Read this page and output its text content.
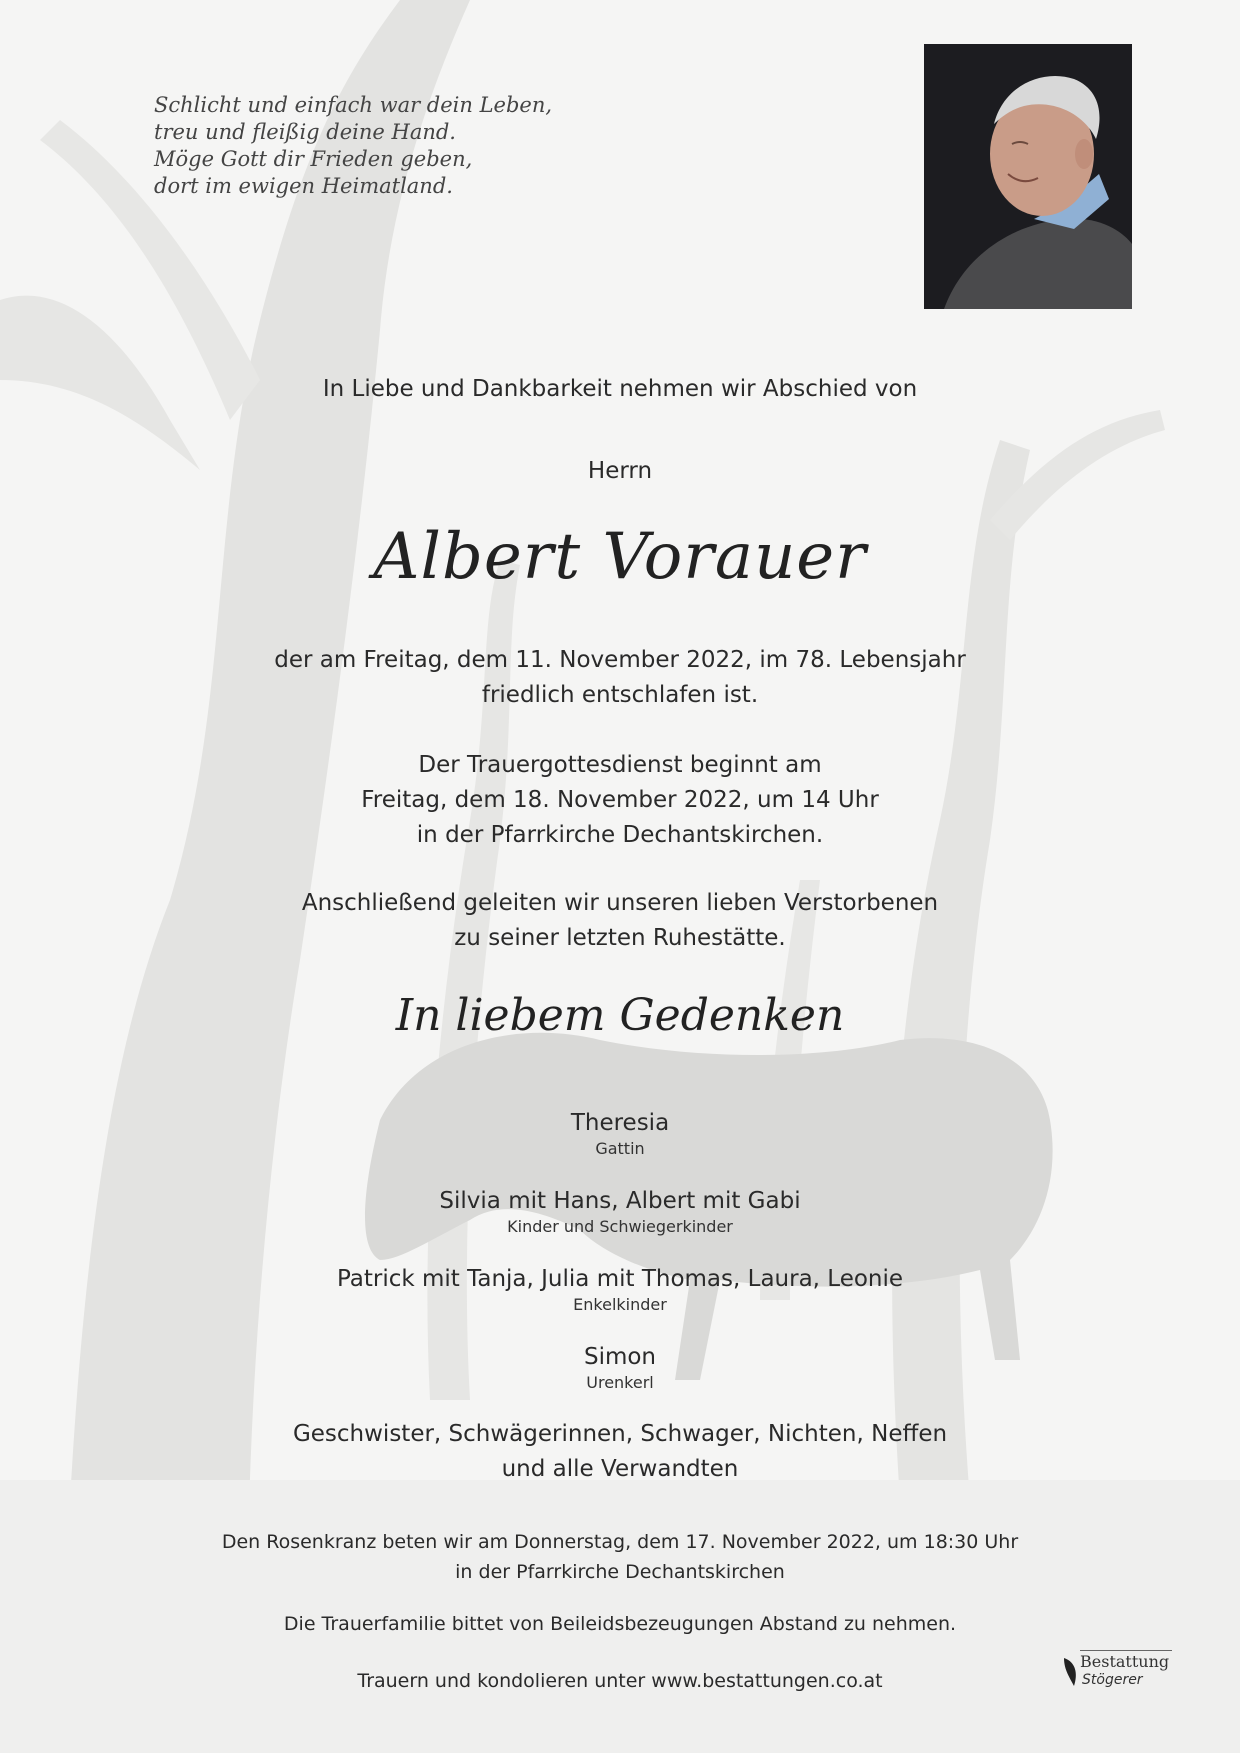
Schlicht und einfach war dein Leben,
treu und fleißig deine Hand.
Möge Gott dir Frieden geben,
dort im ewigen Heimatland.
In Liebe und Dankbarkeit nehmen wir Abschied von
Herrn
Albert Vorauer
der am Freitag, dem 11. November 2022, im 78. Lebensjahr
friedlich entschlafen ist.
Der Trauergottesdienst beginnt am
Freitag, dem 18. November 2022, um 14 Uhr
in der Pfarrkirche Dechantskirchen.
Anschließend geleiten wir unseren lieben Verstorbenen
zu seiner letzten Ruhestätte.
In liebem Gedenken
Theresia
Gattin
Silvia mit Hans, Albert mit Gabi
Kinder und Schwiegerkinder
Patrick mit Tanja, Julia mit Thomas, Laura, Leonie
Enkelkinder
Simon
Urenkerl
Geschwister, Schwägerinnen, Schwager, Nichten, Neffen
und alle Verwandten
Den Rosenkranz beten wir am Donnerstag, dem 17. November 2022, um 18:30 Uhr
in der Pfarrkirche Dechantskirchen
Die Trauerfamilie bittet von Beileidsbezeugungen Abstand zu nehmen.
Trauern und kondolieren unter www.bestattungen.co.at
Bestattung
Stögerer
